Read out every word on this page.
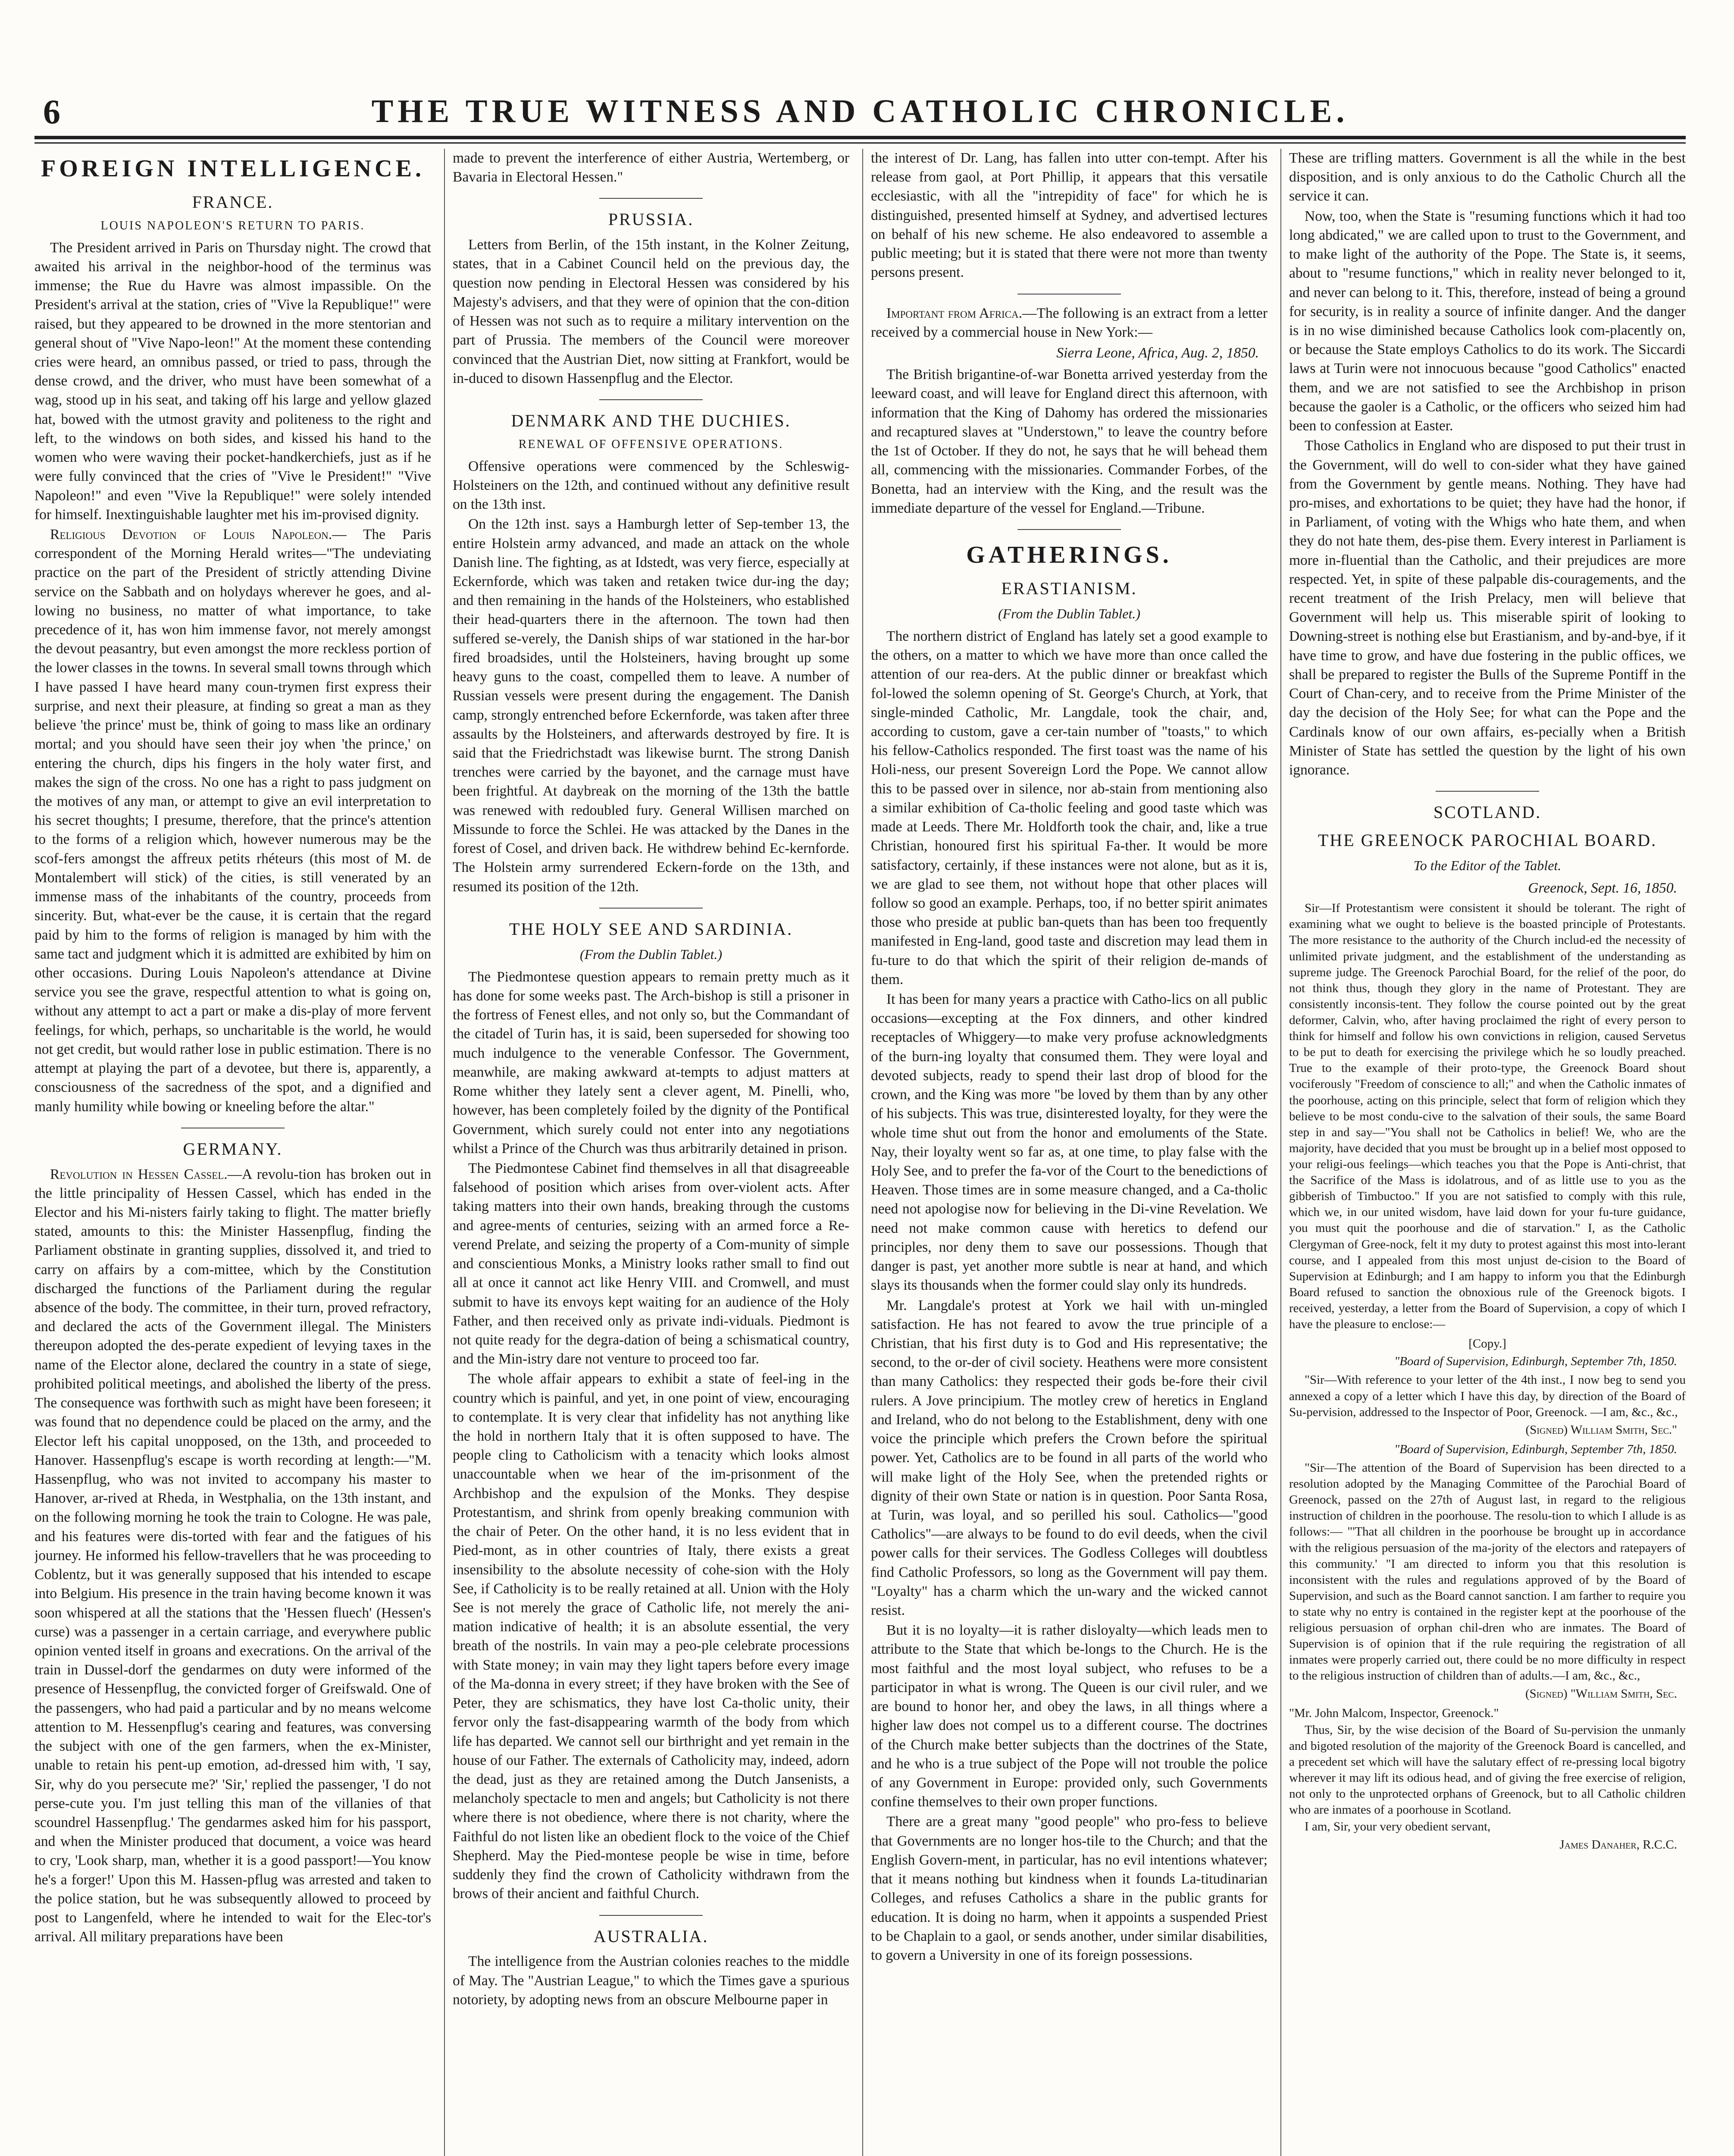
6	THE TRUE WITNESS AND CATHOLIC CHRONICLE.
FOREIGN INTELLIGENCE.
FRANCE.
LOUIS NAPOLEON'S RETURN TO PARIS.

The President arrived in Paris on Thursday night. The crowd that awaited his arrival in the neighbor-hood of the terminus was immense; the Rue du Havre was almost impassible. On the President's arrival at the station, cries of "Vive la Republique!" were raised, but they appeared to be drowned in the more stentorian and general shout of "Vive Napo-leon!" At the moment these contending cries were heard, an omnibus passed, or tried to pass, through the dense crowd, and the driver, who must have been somewhat of a wag, stood up in his seat, and taking off his large and yellow glazed hat, bowed with the utmost gravity and politeness to the right and left, to the windows on both sides, and kissed his hand to the women who were waving their pocket-handkerchiefs, just as if he were fully convinced that the cries of "Vive le President!" "Vive Napoleon!" and even "Vive la Republique!" were solely intended for himself. Inextinguishable laughter met his im-provised dignity.

Religious Devotion of Louis Napoleon.— The Paris correspondent of the Morning Herald writes—"The undeviating practice on the part of the President of strictly attending Divine service on the Sabbath and on holydays wherever he goes, and al-lowing no business, no matter of what importance, to take precedence of it, has won him immense favor, not merely amongst the devout peasantry, but even amongst the more reckless portion of the lower classes in the towns. In several small towns through which I have passed I have heard many coun-trymen first express their surprise, and next their pleasure, at finding so great a man as they believe 'the prince' must be, think of going to mass like an ordinary mortal; and you should have seen their joy when 'the prince,' on entering the church, dips his fingers in the holy water first, and makes the sign of the cross. No one has a right to pass judgment on the motives of any man, or attempt to give an evil interpretation to his secret thoughts; I presume, therefore, that the prince's attention to the forms of a religion which, however numerous may be the scof-fers amongst the affreux petits rhéteurs (this most of M. de Montalembert will stick) of the cities, is still venerated by an immense mass of the inhabitants of the country, proceeds from sincerity. But, what-ever be the cause, it is certain that the regard paid by him to the forms of religion is managed by him with the same tact and judgment which it is admitted are exhibited by him on other occasions. During Louis Napoleon's attendance at Divine service you see the grave, respectful attention to what is going on, without any attempt to act a part or make a dis-play of more fervent feelings, for which, perhaps, so uncharitable is the world, he would not get credit, but would rather lose in public estimation. There is no attempt at playing the part of a devotee, but there is, apparently, a consciousness of the sacredness of the spot, and a dignified and manly humility while bowing or kneeling before the altar."

GERMANY.

Revolution in Hessen Cassel.—A revolu-tion has broken out in the little principality of Hessen Cassel, which has ended in the Elector and his Mi-nisters fairly taking to flight. The matter briefly stated, amounts to this: the Minister Hassenpflug, finding the Parliament obstinate in granting supplies, dissolved it, and tried to carry on affairs by a com-mittee, which by the Constitution discharged the functions of the Parliament during the regular absence of the body. The committee, in their turn, proved refractory, and declared the acts of the Government illegal. The Ministers thereupon adopted the des-perate expedient of levying taxes in the name of the Elector alone, declared the country in a state of siege, prohibited political meetings, and abolished the liberty of the press. The consequence was forthwith such as might have been foreseen; it was found that no dependence could be placed on the army, and the Elector left his capital unopposed, on the 13th, and proceeded to Hanover. Hassenpflug's escape is worth recording at length:—"M. Hassenpflug, who was not invited to accompany his master to Hanover, ar-rived at Rheda, in Westphalia, on the 13th instant, and on the following morning he took the train to Cologne. He was pale, and his features were dis-torted with fear and the fatigues of his journey. He informed his fellow-travellers that he was proceeding to Coblentz, but it was generally supposed that his intended to escape into Belgium. His presence in the train having become known it was soon whispered at all the stations that the 'Hessen fluech' (Hessen's curse) was a passenger in a certain carriage, and everywhere public opinion vented itself in groans and execrations. On the arrival of the train in Dussel-dorf the gendarmes on duty were informed of the presence of Hessenpflug, the convicted forger of Greifswald. One of the passengers, who had paid a particular and by no means welcome attention to M. Hessenpflug's cearing and features, was conversing the subject with one of the gen farmers, when the ex-Minister, unable to retain his pent-up emotion, ad-dressed him with, 'I say, Sir, why do you persecute me?' 'Sir,' replied the passenger, 'I do not perse-cute you. I'm just telling this man of the villanies of that scoundrel Hassenpflug.' The gendarmes asked him for his passport, and when the Minister produced that document, a voice was heard to cry, 'Look sharp, man, whether it is a good passport!—You know he's a forger!' Upon this M. Hassen-pflug was arrested and taken to the police station, but he was subsequently allowed to proceed by post to Langenfeld, where he intended to wait for the Elec-tor's arrival. All military preparations have been

made to prevent the interference of either Austria, Wertemberg, or Bavaria in Electoral Hessen."

PRUSSIA.

Letters from Berlin, of the 15th instant, in the Kolner Zeitung, states, that in a Cabinet Council held on the previous day, the question now pending in Electoral Hessen was considered by his Majesty's advisers, and that they were of opinion that the con-dition of Hessen was not such as to require a military intervention on the part of Prussia. The members of the Council were moreover convinced that the Austrian Diet, now sitting at Frankfort, would be in-duced to disown Hassenpflug and the Elector.

DENMARK AND THE DUCHIES.
RENEWAL OF OFFENSIVE OPERATIONS.

Offensive operations were commenced by the Schleswig-Holsteiners on the 12th, and continued without any definitive result on the 13th inst.

On the 12th inst. says a Hamburgh letter of Sep-tember 13, the entire Holstein army advanced, and made an attack on the whole Danish line. The fighting, as at Idstedt, was very fierce, especially at Eckernforde, which was taken and retaken twice dur-ing the day; and then remaining in the hands of the Holsteiners, who established their head-quarters there in the afternoon. The town had then suffered se-verely, the Danish ships of war stationed in the har-bor fired broadsides, until the Holsteiners, having brought up some heavy guns to the coast, compelled them to leave. A number of Russian vessels were present during the engagement. The Danish camp, strongly entrenched before Eckernforde, was taken after three assaults by the Holsteiners, and afterwards destroyed by fire. It is said that the Friedrichstadt was likewise burnt. The strong Danish trenches were carried by the bayonet, and the carnage must have been frightful. At daybreak on the morning of the 13th the battle was renewed with redoubled fury. General Willisen marched on Missunde to force the Schlei. He was attacked by the Danes in the forest of Cosel, and driven back. He withdrew behind Ec-kernforde. The Holstein army surrendered Eckern-forde on the 13th, and resumed its position of the 12th.

THE HOLY SEE AND SARDINIA.
(From the Dublin Tablet.)

The Piedmontese question appears to remain pretty much as it has done for some weeks past. The Arch-bishop is still a prisoner in the fortress of Fenest elles, and not only so, but the Commandant of the citadel of Turin has, it is said, been superseded for showing too much indulgence to the venerable Confessor. The Government, meanwhile, are making awkward at-tempts to adjust matters at Rome whither they lately sent a clever agent, M. Pinelli, who, however, has been completely foiled by the dignity of the Pontifical Government, which surely could not enter into any negotiations whilst a Prince of the Church was thus arbitrarily detained in prison.

The Piedmontese Cabinet find themselves in all that disagreeable falsehood of position which arises from over-violent acts. After taking matters into their own hands, breaking through the customs and agree-ments of centuries, seizing with an armed force a Re-verend Prelate, and seizing the property of a Com-munity of simple and conscientious Monks, a Ministry looks rather small to find out all at once it cannot act like Henry VIII. and Cromwell, and must submit to have its envoys kept waiting for an audience of the Holy Father, and then received only as private indi-viduals. Piedmont is not quite ready for the degra-dation of being a schismatical country, and the Min-istry dare not venture to proceed too far.

The whole affair appears to exhibit a state of feel-ing in the country which is painful, and yet, in one point of view, encouraging to contemplate. It is very clear that infidelity has not anything like the hold in northern Italy that it is often supposed to have. The people cling to Catholicism with a tenacity which looks almost unaccountable when we hear of the im-prisonment of the Archbishop and the expulsion of the Monks. They despise Protestantism, and shrink from openly breaking communion with the chair of Peter. On the other hand, it is no less evident that in Pied-mont, as in other countries of Italy, there exists a great insensibility to the absolute necessity of cohe-sion with the Holy See, if Catholicity is to be really retained at all. Union with the Holy See is not merely the grace of Catholic life, not merely the ani-mation indicative of health; it is an absolute essential, the very breath of the nostrils. In vain may a peo-ple celebrate processions with State money; in vain may they light tapers before every image of the Ma-donna in every street; if they have broken with the See of Peter, they are schismatics, they have lost Ca-tholic unity, their fervor only the fast-disappearing warmth of the body from which life has departed. We cannot sell our birthright and yet remain in the house of our Father. The externals of Catholicity may, indeed, adorn the dead, just as they are retained among the Dutch Jansenists, a melancholy spectacle to men and angels; but Catholicity is not there where there is not obedience, where there is not charity, where the Faithful do not listen like an obedient flock to the voice of the Chief Shepherd. May the Pied-montese people be wise in time, before suddenly they find the crown of Catholicity withdrawn from the brows of their ancient and faithful Church.

AUSTRALIA.

The intelligence from the Austrian colonies reaches to the middle of May. The "Austrian League," to which the Times gave a spurious notoriety, by adopting news from an obscure Melbourne paper in

the interest of Dr. Lang, has fallen into utter con-tempt. After his release from gaol, at Port Phillip, it appears that this versatile ecclesiastic, with all the "intrepidity of face" for which he is distinguished, presented himself at Sydney, and advertised lectures on behalf of his new scheme. He also endeavored to assemble a public meeting; but it is stated that there were not more than twenty persons present.

Important from Africa.—The following is an extract from a letter received by a commercial house in New York:—

Sierra Leone, Africa, Aug. 2, 1850.

The British brigantine-of-war Bonetta arrived yesterday from the leeward coast, and will leave for England direct this afternoon, with information that the King of Dahomy has ordered the missionaries and recaptured slaves at "Understown," to leave the country before the 1st of October. If they do not, he says that he will behead them all, commencing with the missionaries. Commander Forbes, of the Bonetta, had an interview with the King, and the result was the immediate departure of the vessel for England.—Tribune.

GATHERINGS.
ERASTIANISM.
(From the Dublin Tablet.)

The northern district of England has lately set a good example to the others, on a matter to which we have more than once called the attention of our rea-ders. At the public dinner or breakfast which fol-lowed the solemn opening of St. George's Church, at York, that single-minded Catholic, Mr. Langdale, took the chair, and, according to custom, gave a cer-tain number of "toasts," to which his fellow-Catholics responded. The first toast was the name of his Holi-ness, our present Sovereign Lord the Pope. We cannot allow this to be passed over in silence, nor ab-stain from mentioning also a similar exhibition of Ca-tholic feeling and good taste which was made at Leeds. There Mr. Holdforth took the chair, and, like a true Christian, honoured first his spiritual Fa-ther. It would be more satisfactory, certainly, if these instances were not alone, but as it is, we are glad to see them, not without hope that other places will follow so good an example. Perhaps, too, if no better spirit animates those who preside at public ban-quets than has been too frequently manifested in Eng-land, good taste and discretion may lead them in fu-ture to do that which the spirit of their religion de-mands of them.

It has been for many years a practice with Catho-lics on all public occasions—excepting at the Fox dinners, and other kindred receptacles of Whiggery—to make very profuse acknowledgments of the burn-ing loyalty that consumed them. They were loyal and devoted subjects, ready to spend their last drop of blood for the crown, and the King was more "be loved by them than by any other of his subjects. This was true, disinterested loyalty, for they were the whole time shut out from the honor and emoluments of the State. Nay, their loyalty went so far as, at one time, to play false with the Holy See, and to prefer the fa-vor of the Court to the benedictions of Heaven. Those times are in some measure changed, and a Ca-tholic need not apologise now for believing in the Di-vine Revelation. We need not make common cause with heretics to defend our principles, nor deny them to save our possessions. Though that danger is past, yet another more subtle is near at hand, and which slays its thousands when the former could slay only its hundreds.

Mr. Langdale's protest at York we hail with un-mingled satisfaction. He has not feared to avow the true principle of a Christian, that his first duty is to God and His representative; the second, to the or-der of civil society. Heathens were more consistent than many Catholics: they respected their gods be-fore their civil rulers. A Jove principium. The motley crew of heretics in England and Ireland, who do not belong to the Establishment, deny with one voice the principle which prefers the Crown before the spiritual power. Yet, Catholics are to be found in all parts of the world who will make light of the Holy See, when the pretended rights or dignity of their own State or nation is in question. Poor Santa Rosa, at Turin, was loyal, and so perilled his soul. Catholics—"good Catholics"—are always to be found to do evil deeds, when the civil power calls for their services. The Godless Colleges will doubtless find Catholic Professors, so long as the Government will pay them. "Loyalty" has a charm which the un-wary and the wicked cannot resist.

But it is no loyalty—it is rather disloyalty—which leads men to attribute to the State that which be-longs to the Church. He is the most faithful and the most loyal subject, who refuses to be a participator in what is wrong. The Queen is our civil ruler, and we are bound to honor her, and obey the laws, in all things where a higher law does not compel us to a different course. The doctrines of the Church make better subjects than the doctrines of the State, and he who is a true subject of the Pope will not trouble the police of any Government in Europe: provided only, such Governments confine themselves to their own proper functions.

There are a great many "good people" who pro-fess to believe that Governments are no longer hos-tile to the Church; and that the English Govern-ment, in particular, has no evil intentions whatever; that it means nothing but kindness when it founds La-titudinarian Colleges, and refuses Catholics a share in the public grants for education. It is doing no harm, when it appoints a suspended Priest to be Chaplain to a gaol, or sends another, under similar disabilities, to govern a University in one of its foreign possessions.

These are trifling matters. Government is all the while in the best disposition, and is only anxious to do the Catholic Church all the service it can.

Now, too, when the State is "resuming functions which it had too long abdicated," we are called upon to trust to the Government, and to make light of the authority of the Pope. The State is, it seems, about to "resume functions," which in reality never belonged to it, and never can belong to it. This, therefore, instead of being a ground for security, is in reality a source of infinite danger. And the danger is in no wise diminished because Catholics look com-placently on, or because the State employs Catholics to do its work. The Siccardi laws at Turin were not innocuous because "good Catholics" enacted them, and we are not satisfied to see the Archbishop in prison because the gaoler is a Catholic, or the officers who seized him had been to confession at Easter.

Those Catholics in England who are disposed to put their trust in the Government, will do well to con-sider what they have gained from the Government by gentle means. Nothing. They have had pro-mises, and exhortations to be quiet; they have had the honor, if in Parliament, of voting with the Whigs who hate them, and when they do not hate them, des-pise them. Every interest in Parliament is more in-fluential than the Catholic, and their prejudices are more respected. Yet, in spite of these palpable dis-couragements, and the recent treatment of the Irish Prelacy, men will believe that Government will help us. This miserable spirit of looking to Downing-street is nothing else but Erastianism, and by-and-bye, if it have time to grow, and have due fostering in the public offices, we shall be prepared to register the Bulls of the Supreme Pontiff in the Court of Chan-cery, and to receive from the Prime Minister of the day the decision of the Holy See; for what can the Pope and the Cardinals know of our own affairs, es-pecially when a British Minister of State has settled the question by the light of his own ignorance.

SCOTLAND.
THE GREENOCK PAROCHIAL BOARD.
To the Editor of the Tablet.
Greenock, Sept. 16, 1850.

Sir—If Protestantism were consistent it should be tolerant. The right of examining what we ought to believe is the boasted principle of Protestants. The more resistance to the authority of the Church includ-ed the necessity of unlimited private judgment, and the establishment of the understanding as supreme judge. The Greenock Parochial Board, for the relief of the poor, do not think thus, though they glory in the name of Protestant. They are consistently inconsis-tent. They follow the course pointed out by the great deformer, Calvin, who, after having proclaimed the right of every person to think for himself and follow his own convictions in religion, caused Servetus to be put to death for exercising the privilege which he so loudly preached. True to the example of their proto-type, the Greenock Board shout vociferously "Freedom of conscience to all;" and when the Catholic inmates of the poorhouse, acting on this principle, select that form of religion which they believe to be most condu-cive to the salvation of their souls, the same Board step in and say—"You shall not be Catholics in belief! We, who are the majority, have decided that you must be brought up in a belief most opposed to your religi-ous feelings—which teaches you that the Pope is Anti-christ, that the Sacrifice of the Mass is idolatrous, and of as little use to you as the gibberish of Timbuctoo." If you are not satisfied to comply with this rule, which we, in our united wisdom, have laid down for your fu-ture guidance, you must quit the poorhouse and die of starvation." I, as the Catholic Clergyman of Gree-nock, felt it my duty to protest against this most into-lerant course, and I appealed from this most unjust de-cision to the Board of Supervision at Edinburgh; and I am happy to inform you that the Edinburgh Board refused to sanction the obnoxious rule of the Greenock bigots. I received, yesterday, a letter from the Board of Supervision, a copy of which I have the pleasure to enclose:—

[Copy.]
"Board of Supervision, Edinburgh, September 7th, 1850.

"Sir—With reference to your letter of the 4th inst., I now beg to send you annexed a copy of a letter which I have this day, by direction of the Board of Su-pervision, addressed to the Inspector of Poor, Greenock. —I am, &c., &c.,

(Signed) William Smith, Sec."
"Board of Supervision, Edinburgh, September 7th, 1850.

"Sir—The attention of the Board of Supervision has been directed to a resolution adopted by the Managing Committee of the Parochial Board of Greenock, passed on the 27th of August last, in regard to the religious instruction of children in the poorhouse. The resolu-tion to which I allude is as follows:— "'That all children in the poorhouse be brought up in accordance with the religious persuasion of the ma-jority of the electors and ratepayers of this community.' "I am directed to inform you that this resolution is inconsistent with the rules and regulations approved of by the Board of Supervision, and such as the Board cannot sanction. I am farther to require you to state why no entry is contained in the register kept at the poorhouse of the religious persuasion of orphan chil-dren who are inmates. The Board of Supervision is of opinion that if the rule requiring the registration of all inmates were properly carried out, there could be no more difficulty in respect to the religious instruction of children than of adults.—I am, &c., &c.,

(Signed) "William Smith, Sec.

"Mr. John Malcom, Inspector, Greenock."

Thus, Sir, by the wise decision of the Board of Su-pervision the unmanly and bigoted resolution of the majority of the Greenock Board is cancelled, and a precedent set which will have the salutary effect of re-pressing local bigotry wherever it may lift its odious head, and of giving the free exercise of religion, not only to the unprotected orphans of Greenock, but to all Catholic children who are inmates of a poorhouse in Scotland.

I am, Sir, your very obedient servant,

James Danaher, R.C.C.
